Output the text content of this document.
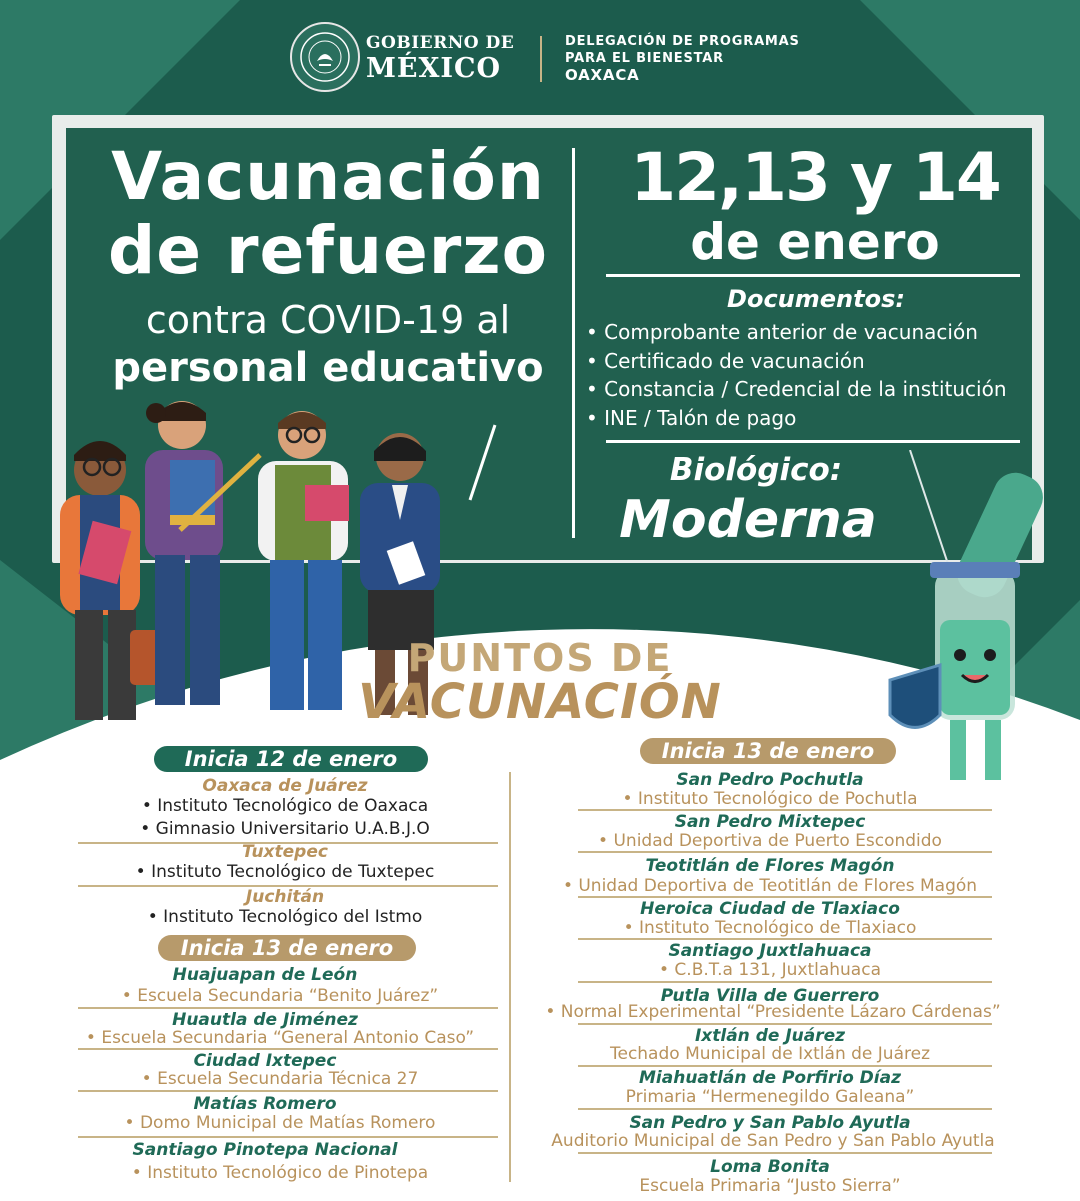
GOBIERNO DE
MÉXICO
DELEGACIÓN DE PROGRAMAS
PARA EL BIENESTAR
OAXACA
Vacunación
de refuerzo
contra COVID-19 al
personal educativo
12,13 y 14
de enero
Documentos:
• Comprobante anterior de vacunación
• Certificado de vacunación
• Constancia / Credencial de la institución
• INE / Talón de pago
Biológico:
Moderna
PUNTOS DE
VACUNACIÓN
Inicia 12 de enero
Oaxaca de Juárez
• Instituto Tecnológico de Oaxaca
• Gimnasio Universitario U.A.B.J.O
Tuxtepec
• Instituto Tecnológico de Tuxtepec
Juchitán
• Instituto Tecnológico del Istmo
Inicia 13 de enero
Huajuapan de León
• Escuela Secundaria “Benito Juárez”
Huautla de Jiménez
• Escuela Secundaria “General Antonio Caso”
Ciudad Ixtepec
• Escuela Secundaria Técnica 27
Matías Romero
• Domo Municipal de Matías Romero
Santiago Pinotepa Nacional
• Instituto Tecnológico de Pinotepa
Inicia 13 de enero
San Pedro Pochutla
• Instituto Tecnológico de Pochutla
San Pedro Mixtepec
• Unidad Deportiva de Puerto Escondido
Teotitlán de Flores Magón
• Unidad Deportiva de Teotitlán de Flores Magón
Heroica Ciudad de Tlaxiaco
• Instituto Tecnológico de Tlaxiaco
Santiago Juxtlahuaca
• C.B.T.a 131, Juxtlahuaca
Putla Villa de Guerrero
• Normal Experimental “Presidente Lázaro Cárdenas”
Ixtlán de Juárez
Techado Municipal de Ixtlán de Juárez
Miahuatlán de Porfirio Díaz
Primaria “Hermenegildo Galeana”
San Pedro y San Pablo Ayutla
Auditorio Municipal de San Pedro y San Pablo Ayutla
Loma Bonita
Escuela Primaria “Justo Sierra”
